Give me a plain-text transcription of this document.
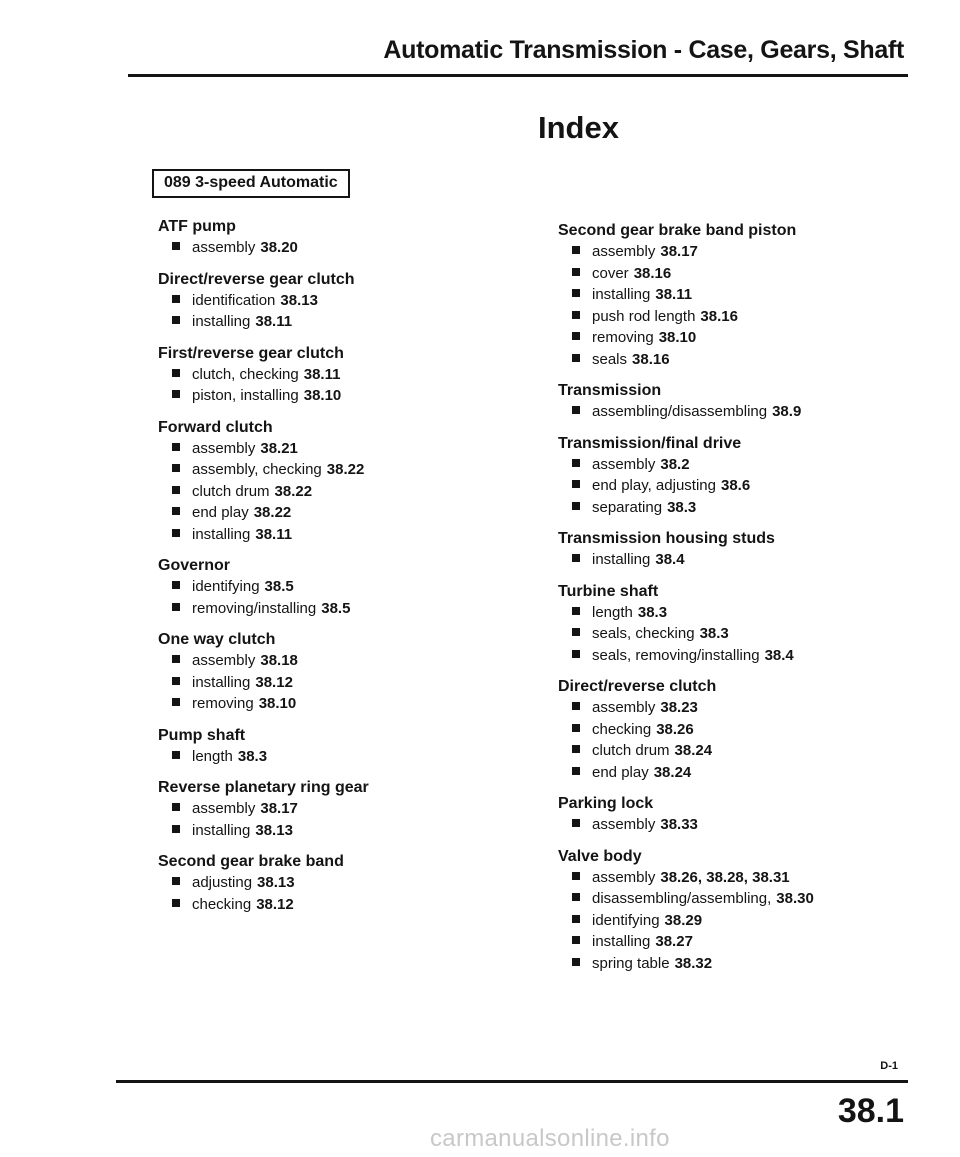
Automatic Transmission - Case, Gears, Shaft
Index
089 3-speed Automatic
ATF pump
assembly 38.20
Direct/reverse gear clutch
identification 38.13
installing 38.11
First/reverse gear clutch
clutch, checking 38.11
piston, installing 38.10
Forward clutch
assembly 38.21
assembly, checking 38.22
clutch drum 38.22
end play 38.22
installing 38.11
Governor
identifying 38.5
removing/installing 38.5
One way clutch
assembly 38.18
installing 38.12
removing 38.10
Pump shaft
length 38.3
Reverse planetary ring gear
assembly 38.17
installing 38.13
Second gear brake band
adjusting 38.13
checking 38.12
Second gear brake band piston
assembly 38.17
cover 38.16
installing 38.11
push rod length 38.16
removing 38.10
seals 38.16
Transmission
assembling/disassembling 38.9
Transmission/final drive
assembly 38.2
end play, adjusting 38.6
separating 38.3
Transmission housing studs
installing 38.4
Turbine shaft
length 38.3
seals, checking 38.3
seals, removing/installing 38.4
Direct/reverse clutch
assembly 38.23
checking 38.26
clutch drum 38.24
end play 38.24
Parking lock
assembly 38.33
Valve body
assembly 38.26, 38.28, 38.31
disassembling/assembling, 38.30
identifying 38.29
installing 38.27
spring table 38.32
D-1
38.1
carmanualsonline.info
